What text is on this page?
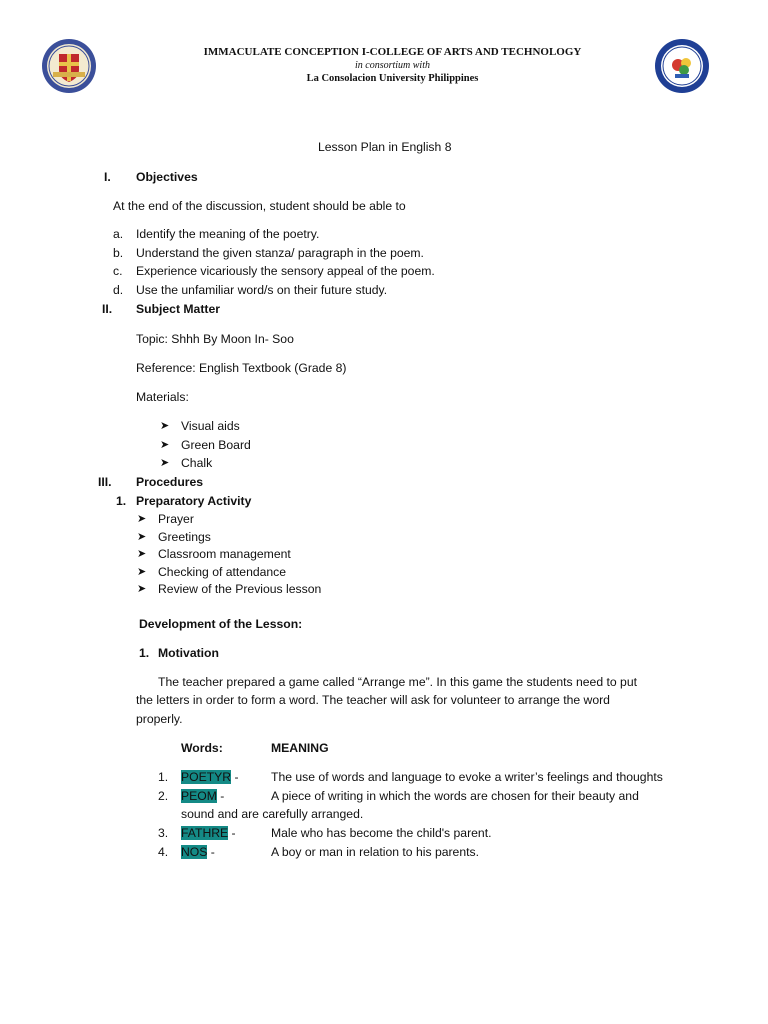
IMMACULATE CONCEPTION I-COLLEGE OF ARTS AND TECHNOLOGY
in consortium with
La Consolacion University Philippines
Lesson Plan in English 8
I. Objectives
At the end of the discussion, student should be able to
a. Identify the meaning of the poetry.
b. Understand the given stanza/ paragraph in the poem.
c. Experience vicariously the sensory appeal of the poem.
d. Use the unfamiliar word/s on their future study.
II. Subject Matter
Topic: Shhh By Moon In- Soo
Reference: English Textbook (Grade 8)
Materials:
➤ Visual aids
➤ Green Board
➤ Chalk
III. Procedures
1. Preparatory Activity
➤ Prayer
➤ Greetings
➤ Classroom management
➤ Checking of attendance
➤ Review of the Previous lesson
Development of the Lesson:
1. Motivation
The teacher prepared a game called “Arrange me”. In this game the students need to put
the letters in order to form a word. The teacher will ask for volunteer to arrange the word
properly.
Words:	MEANING
1. POETYR -	The use of words and language to evoke a writer’s feelings and thoughts
2. PEOM -	A piece of writing in which the words are chosen for their beauty and
sound and are carefully arranged.
3. FATHRE -	Male who has become the child's parent.
4. NOS -	A boy or man in relation to his parents.
